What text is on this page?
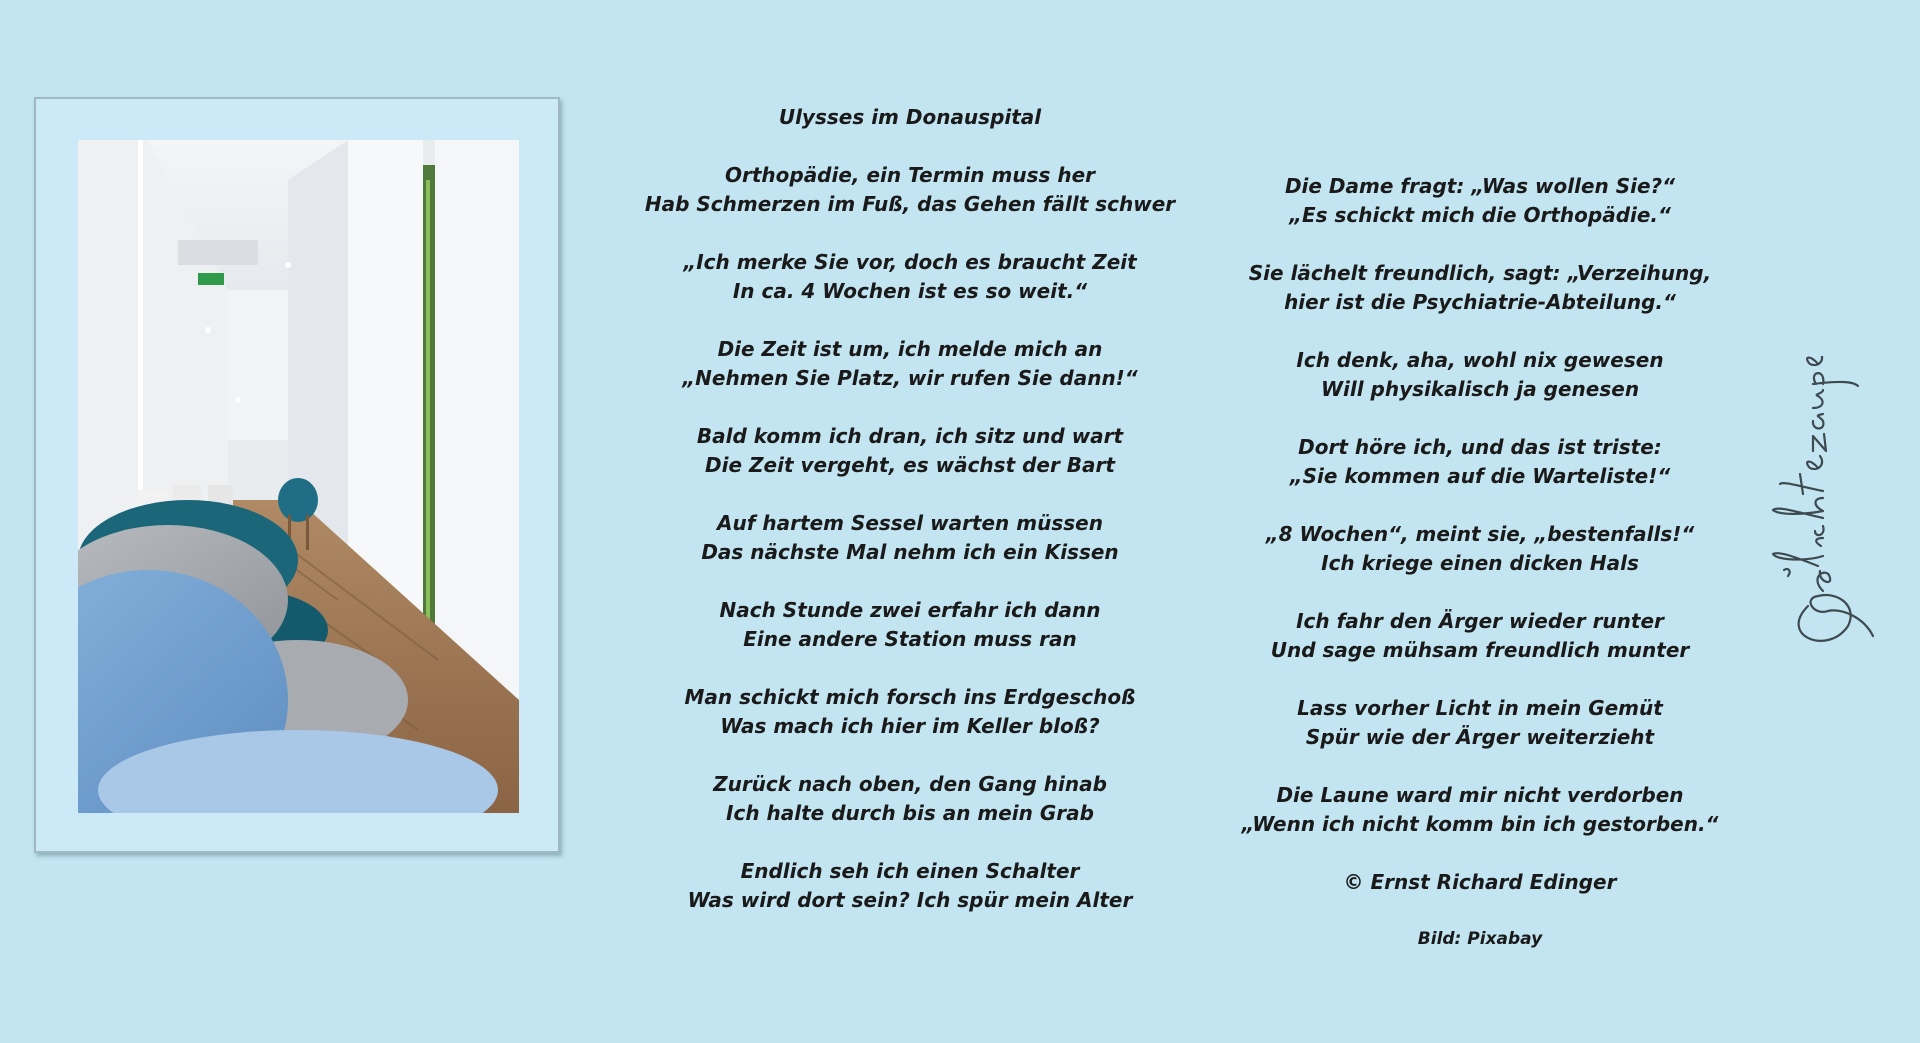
Ulysses im Donauspital
Orthopädie, ein Termin muss her
Hab Schmerzen im Fuß, das Gehen fällt schwer
„Ich merke Sie vor, doch es braucht Zeit
In ca. 4 Wochen ist es so weit.“
Die Zeit ist um, ich melde mich an
„Nehmen Sie Platz, wir rufen Sie dann!“
Bald komm ich dran, ich sitz und wart
Die Zeit vergeht, es wächst der Bart
Auf hartem Sessel warten müssen
Das nächste Mal nehm ich ein Kissen
Nach Stunde zwei erfahr ich dann
Eine andere Station muss ran
Man schickt mich forsch ins Erdgeschoß
Was mach ich hier im Keller bloß?
Zurück nach oben, den Gang hinab
Ich halte durch bis an mein Grab
Endlich seh ich einen Schalter
Was wird dort sein? Ich spür mein Alter
Die Dame fragt: „Was wollen Sie?“
„Es schickt mich die Orthopädie.“
Sie lächelt freundlich, sagt: „Verzeihung,
hier ist die Psychiatrie-Abteilung.“
Ich denk, aha, wohl nix gewesen
Will physikalisch ja genesen
Dort höre ich, und das ist triste:
„Sie kommen auf die Warteliste!“
„8 Wochen“, meint sie, „bestenfalls!“
Ich kriege einen dicken Hals
Ich fahr den Ärger wieder runter
Und sage mühsam freundlich munter
Lass vorher Licht in mein Gemüt
Spür wie der Ärger weiterzieht
Die Laune ward mir nicht verdorben
„Wenn ich nicht komm bin ich gestorben.“
© Ernst Richard Edinger
Bild: Pixabay
